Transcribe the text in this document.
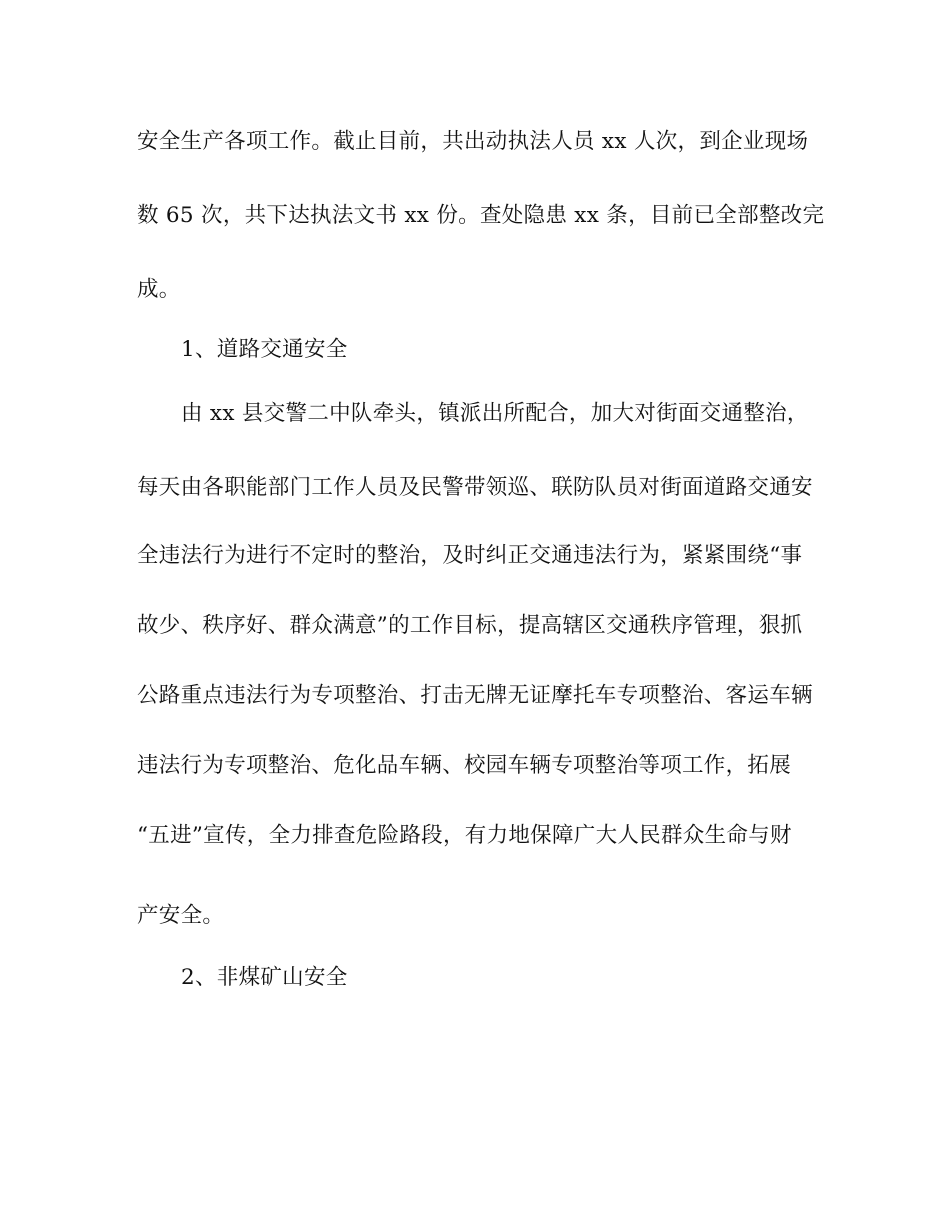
安全生产各项工作。截止目前，共出动执法人员 xx 人次，到企业现场
数 65 次，共下达执法文书 xx 份。查处隐患 xx 条，目前已全部整改完
成。
1、道路交通安全
由 xx 县交警二中队牵头，镇派出所配合，加大对街面交通整治，
每天由各职能部门工作人员及民警带领巡、联防队员对街面道路交通安
全违法行为进行不定时的整治，及时纠正交通违法行为，紧紧围绕“事
故少、秩序好、群众满意”的工作目标，提高辖区交通秩序管理，狠抓
公路重点违法行为专项整治、打击无牌无证摩托车专项整治、客运车辆
违法行为专项整治、危化品车辆、校园车辆专项整治等项工作，拓展
“五进”宣传，全力排查危险路段，有力地保障广大人民群众生命与财
产安全。
2、非煤矿山安全
